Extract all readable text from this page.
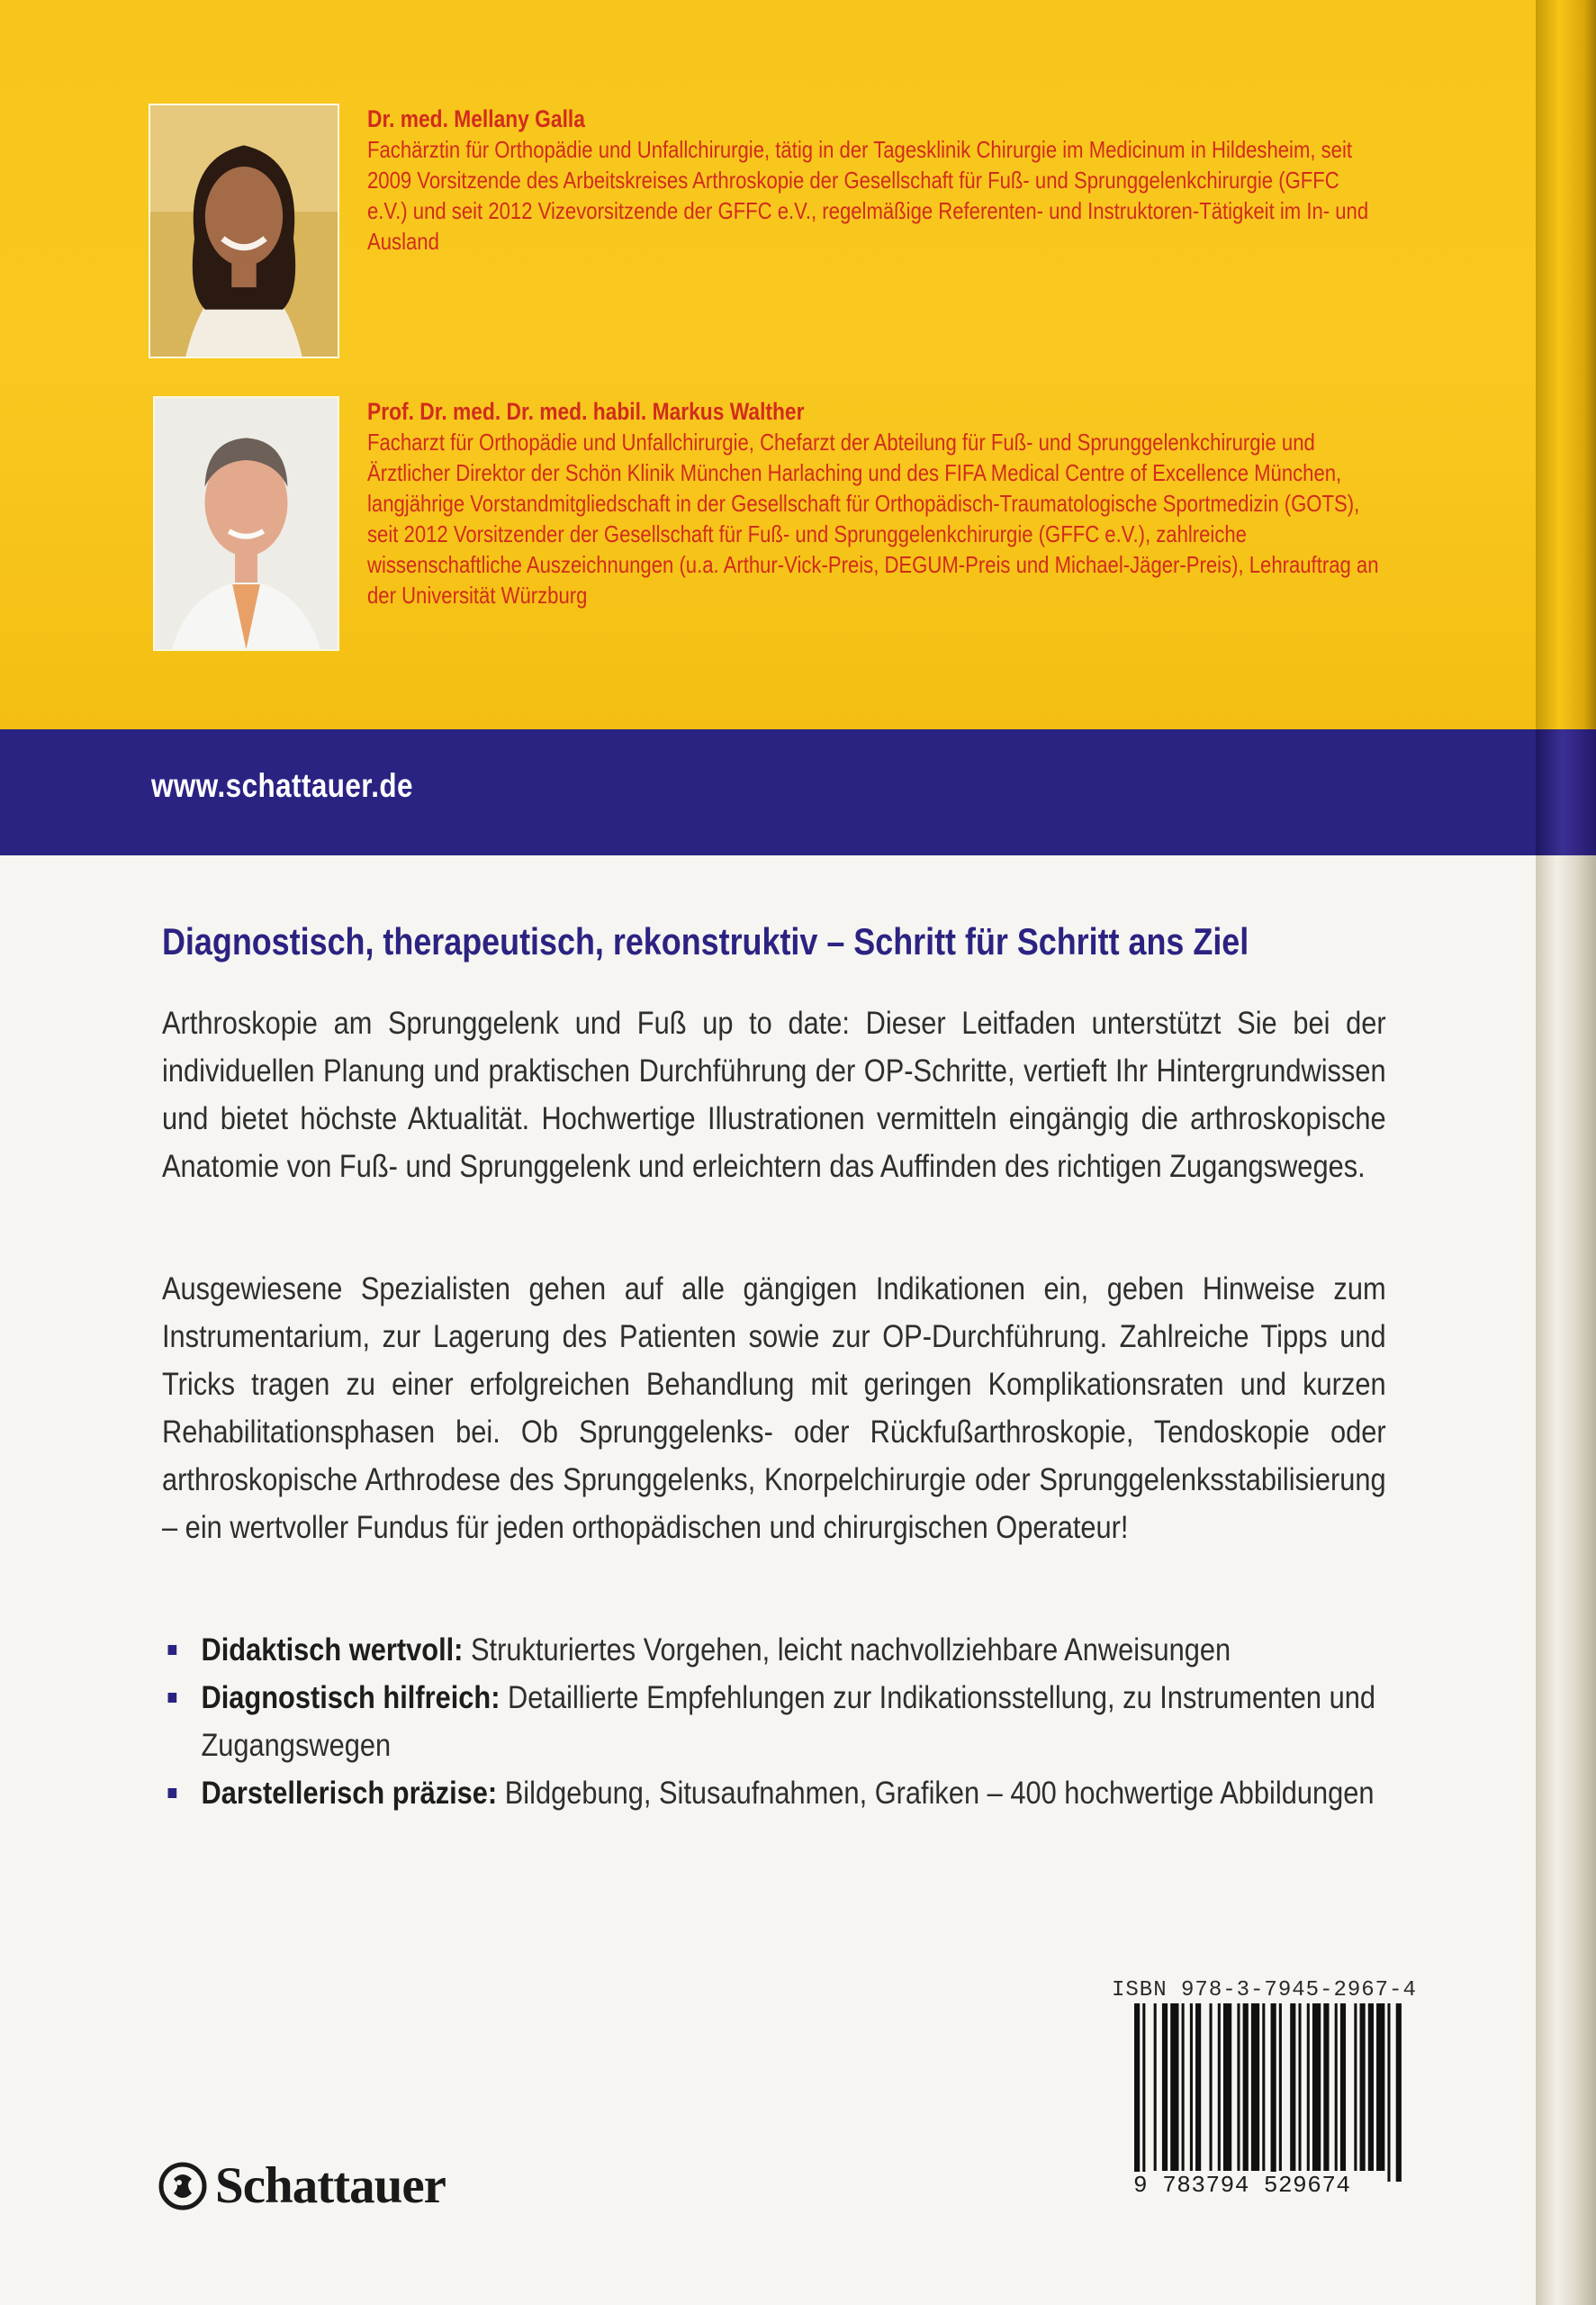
Dr. med. Mellany Galla
Fachärztin für Orthopädie und Unfallchirurgie, tätig in der Tagesklinik Chirurgie im Medicinum in Hildesheim, seit 2009 Vorsitzende des Arbeitskreises Arthroskopie der Gesellschaft für Fuß- und Sprunggelenkchirurgie (GFFC e.V.) und seit 2012 Vizevorsitzende der GFFC e.V., regelmäßige Referenten- und Instruktoren-Tätigkeit im In- und Ausland
Prof. Dr. med. Dr. med. habil. Markus Walther
Facharzt für Orthopädie und Unfallchirurgie, Chefarzt der Abteilung für Fuß- und Sprunggelenkchirurgie und Ärztlicher Direktor der Schön Klinik München Harlaching und des FIFA Medical Centre of Excellence München, langjährige Vorstandmitgliedschaft in der Gesellschaft für Orthopädisch-Traumatologische Sportmedizin (GOTS), seit 2012 Vorsitzender der Gesellschaft für Fuß- und Sprunggelenkchirurgie (GFFC e.V.), zahlreiche wissenschaftliche Auszeichnungen (u.a. Arthur-Vick-Preis, DEGUM-Preis und Michael-Jäger-Preis), Lehrauftrag an der Universität Würzburg
www.schattauer.de
Diagnostisch, therapeutisch, rekonstruktiv – Schritt für Schritt ans Ziel

Arthroskopie am Sprunggelenk und Fuß up to date: Dieser Leitfaden unterstützt Sie bei der individuellen Planung und praktischen Durchführung der OP-Schritte, vertieft Ihr Hintergrundwissen und bietet höchste Aktualität. Hochwertige Illustrationen vermitteln eingängig die arthroskopische Anatomie von Fuß- und Sprunggelenk und erleichtern das Auffinden des richtigen Zugangsweges.

Ausgewiesene Spezialisten gehen auf alle gängigen Indikationen ein, geben Hinweise zum Instrumentarium, zur Lagerung des Patienten sowie zur OP-Durchführung. Zahlreiche Tipps und Tricks tragen zu einer erfolgreichen Behandlung mit geringen Komplikationsraten und kurzen Rehabilitationsphasen bei. Ob Sprunggelenks- oder Rückfußarthroskopie, Tendoskopie oder arthroskopische Arthrodese des Sprunggelenks, Knorpelchirurgie oder Sprunggelenksstabilisierung – ein wertvoller Fundus für jeden orthopädischen und chirurgischen Operateur!

Didaktisch wertvoll: Strukturiertes Vorgehen, leicht nachvollziehbare Anweisungen
Diagnostisch hilfreich: Detaillierte Empfehlungen zur Indikationsstellung, zu Instrumenten und Zugangswegen
Darstellerisch präzise: Bildgebung, Situsaufnahmen, Grafiken – 400 hochwertige Abbildungen
ISBN 978-3-7945-2967-4
9 783794 529674
Schattauer
